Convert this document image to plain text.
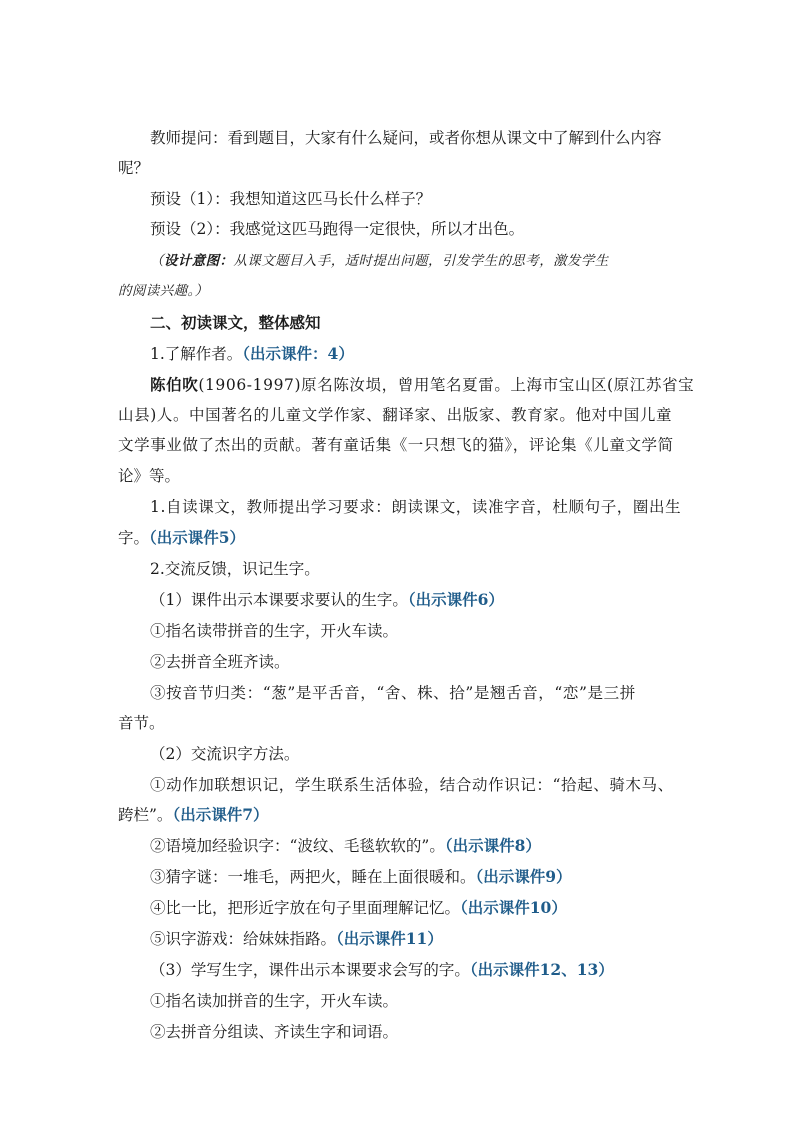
教师提问：看到题目，大家有什么疑问，或者你想从课文中了解到什么内容
呢？
预设（1）：我想知道这匹马长什么样子？
预设（2）：我感觉这匹马跑得一定很快，所以才出色。
（设计意图：从课文题目入手，适时提出问题，引发学生的思考，激发学生
的阅读兴趣。）
二、初读课文，整体感知
1.了解作者。（出示课件：4）
陈伯吹(1906-1997)原名陈汝埙，曾用笔名夏雷。上海市宝山区(原江苏省宝
山县)人。中国著名的儿童文学作家、翻译家、出版家、教育家。他对中国儿童
文学事业做了杰出的贡献。著有童话集《一只想飞的猫》，评论集《儿童文学简
论》等。
1.自读课文，教师提出学习要求：朗读课文，读准字音，杜顺句子，圈出生
字。（出示课件5）
2.交流反馈，识记生字。
（1）课件出示本课要求要认的生字。（出示课件6）
①指名读带拼音的生字，开火车读。
②去拼音全班齐读。
③按音节归类：“葱”是平舌音，“舍、株、拾”是翘舌音，“恋”是三拼
音节。
（2）交流识字方法。
①动作加联想识记，学生联系生活体验，结合动作识记：“拾起、骑木马、
跨栏”。（出示课件7）
②语境加经验识字：“波纹、毛毯软软的”。（出示课件8）
③猜字谜：一堆毛，两把火，睡在上面很暖和。（出示课件9）
④比一比，把形近字放在句子里面理解记忆。（出示课件10）
⑤识字游戏：给妹妹指路。（出示课件11）
（3）学写生字，课件出示本课要求会写的字。（出示课件12、13）
①指名读加拼音的生字，开火车读。
②去拼音分组读、齐读生字和词语。
